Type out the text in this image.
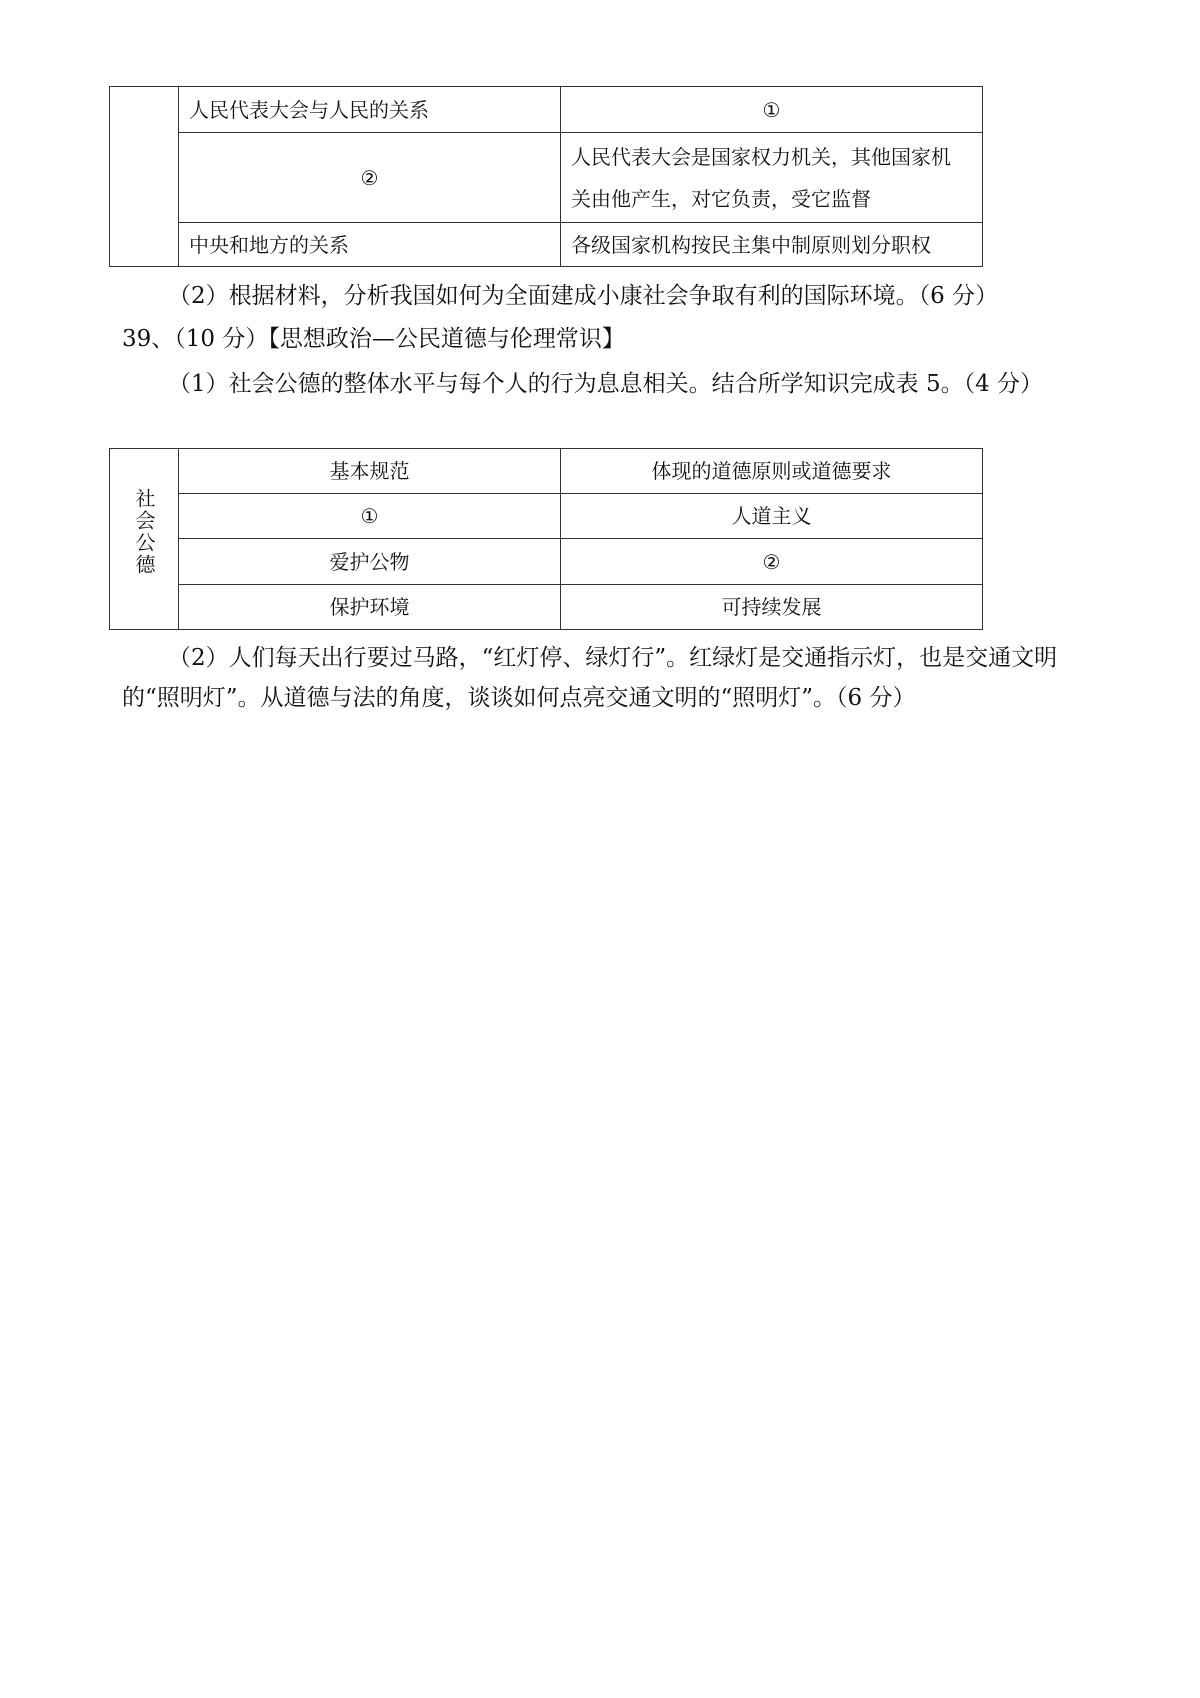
	人民代表大会与人民的关系	①
	②	人民代表大会是国家权力机关，其他国家机
关由他产生，对它负责，受它监督

	中央和地方的关系	各级国家机构按民主集中制原则划分职权

（2）根据材料，分析我国如何为全面建成小康社会争取有利的国际环境。（6 分）

39、（10 分）【思想政治—公民道德与伦理常识】

（1）社会公德的整体水平与每个人的行为息息相关。结合所学知识完成表 5。（4 分）

社会公德	基本规范	体现的道德原则或道德要求
	①	人道主义
	爱护公物	②
	保护环境	可持续发展

（2）人们每天出行要过马路，“红灯停、绿灯行”。红绿灯是交通指示灯，也是交通文明的“照明灯”。从道德与法的角度，谈谈如何点亮交通文明的“照明灯”。（6 分）
